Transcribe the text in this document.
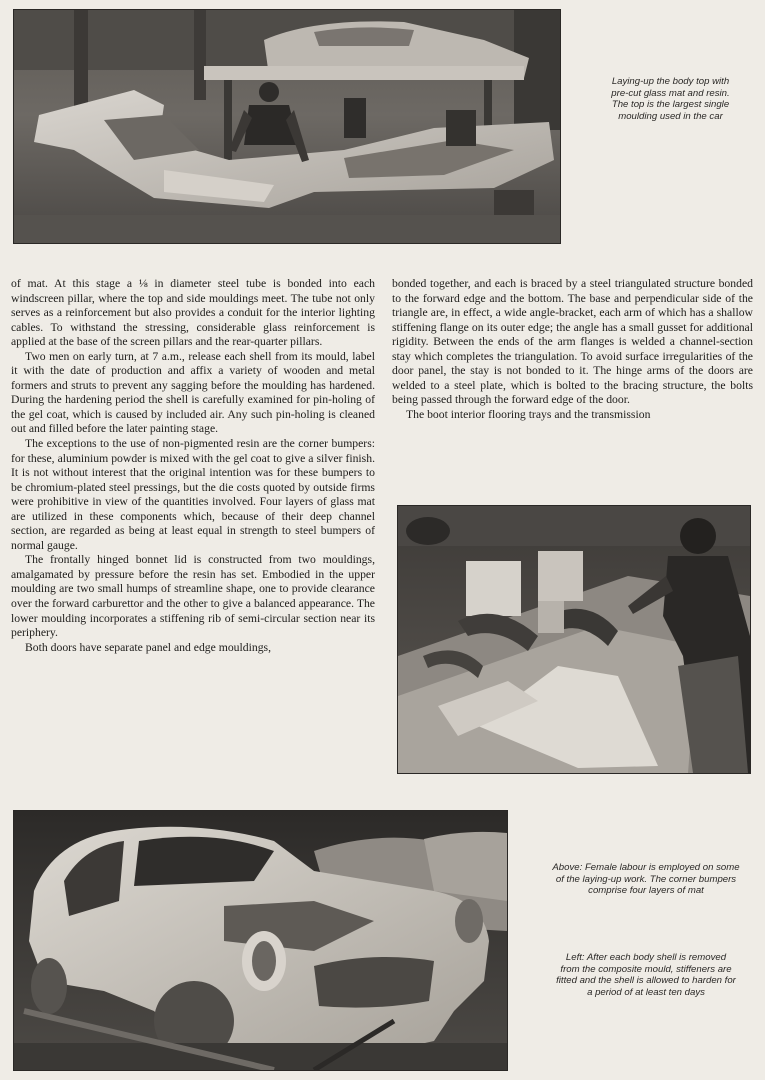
Laying-up the body top with
pre-cut glass mat and resin.
The top is the largest single
moulding used in the car

of mat. At this stage a ⅛ in diameter steel tube is bonded into each windscreen pillar, where the top and side mouldings meet. The tube not only serves as a reinforcement but also provides a conduit for the interior lighting cables. To withstand the stressing, considerable glass reinforcement is applied at the base of the screen pillars and the rear-quarter pillars.

Two men on early turn, at 7 a.m., release each shell from its mould, label it with the date of production and affix a variety of wooden and metal formers and struts to prevent any sagging before the moulding has hardened. During the hardening period the shell is carefully examined for pin-holing of the gel coat, which is caused by included air. Any such pin-holing is cleaned out and filled before the later painting stage.

The exceptions to the use of non-pigmented resin are the corner bumpers: for these, aluminium powder is mixed with the gel coat to give a silver finish. It is not without interest that the original intention was for these bumpers to be chromium-plated steel pressings, but the die costs quoted by outside firms were prohibitive in view of the quantities involved. Four layers of glass mat are utilized in these components which, because of their deep channel section, are regarded as being at least equal in strength to steel bumpers of normal gauge.

The frontally hinged bonnet lid is constructed from two mouldings, amalgamated by pressure before the resin has set. Embodied in the upper moulding are two small humps of streamline shape, one to provide clearance over the forward carburettor and the other to give a balanced appearance. The lower moulding incorporates a stiffening rib of semi-circular section near its periphery.

Both doors have separate panel and edge mouldings,

bonded together, and each is braced by a steel triangulated structure bonded to the forward edge and the bottom. The base and perpendicular side of the triangle are, in effect, a wide angle-bracket, each arm of which has a shallow stiffening flange on its outer edge; the angle has a small gusset for additional rigidity. Between the ends of the arm flanges is welded a channel-section stay which completes the triangulation. To avoid surface irregularities of the door panel, the stay is not bonded to it. The hinge arms of the doors are welded to a steel plate, which is bolted to the bracing structure, the bolts being passed through the forward edge of the door.

The boot interior flooring trays and the transmission

Above: Female labour is employed on some
of the laying-up work. The corner bumpers
comprise four layers of mat
Left: After each body shell is removed
from the composite mould, stiffeners are
fitted and the shell is allowed to harden for
a period of at least ten days
